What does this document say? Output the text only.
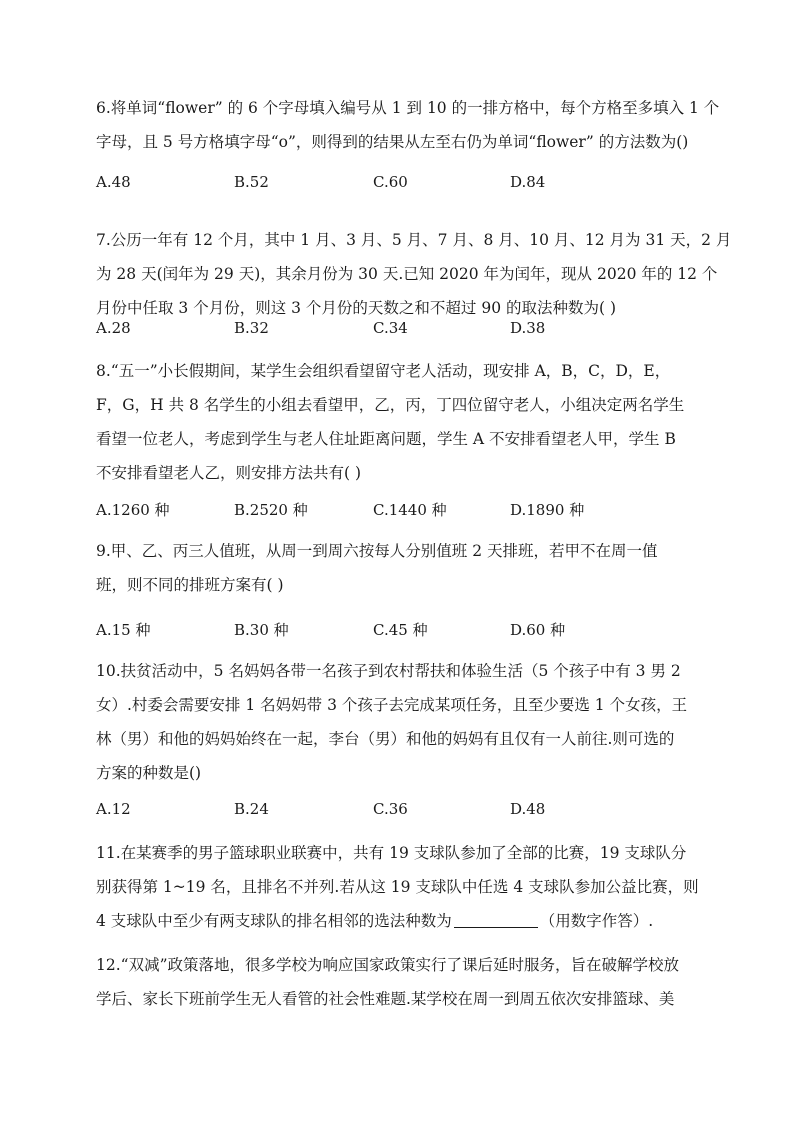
6.将单词“flower” 的 6 个字母填入编号从 1 到 10 的一排方格中，每个方格至多填入 1 个
字母，且 5 号方格填字母“o”，则得到的结果从左至右仍为单词“flower” 的方法数为()
A.48	B.52	C.60	D.84
7.公历一年有 12 个月，其中 1 月、3 月、5 月、7 月、8 月、10 月、12 月为 31 天，2 月
为 28 天(闰年为 29 天)，其余月份为 30 天.已知 2020 年为闰年，现从 2020 年的 12 个
月份中任取 3 个月份，则这 3 个月份的天数之和不超过 90 的取法种数为( )
A.28	B.32	C.34	D.38
8.“五一”小长假期间，某学生会组织看望留守老人活动，现安排 A，B，C，D，E，
F，G，H 共 8 名学生的小组去看望甲，乙，丙，丁四位留守老人，小组决定两名学生
看望一位老人，考虑到学生与老人住址距离问题，学生 A 不安排看望老人甲，学生 B
不安排看望老人乙，则安排方法共有( )
A.1260 种	B.2520 种	C.1440 种	D.1890 种
9.甲、乙、丙三人值班，从周一到周六按每人分别值班 2 天排班，若甲不在周一值
班，则不同的排班方案有( )
A.15 种	B.30 种	C.45 种	D.60 种
10.扶贫活动中，5 名妈妈各带一名孩子到农村帮扶和体验生活（5 个孩子中有 3 男 2
女）.村委会需要安排 1 名妈妈带 3 个孩子去完成某项任务，且至少要选 1 个女孩，王
林（男）和他的妈妈始终在一起，李台（男）和他的妈妈有且仅有一人前往.则可选的
方案的种数是()
A.12	B.24	C.36	D.48
11.在某赛季的男子篮球职业联赛中，共有 19 支球队参加了全部的比赛，19 支球队分
别获得第 1~19 名，且排名不并列.若从这 19 支球队中任选 4 支球队参加公益比赛，则
4 支球队中至少有两支球队的排名相邻的选法种数为	（用数字作答）.
12.“双减”政策落地，很多学校为响应国家政策实行了课后延时服务，旨在破解学校放
学后、家长下班前学生无人看管的社会性难题.某学校在周一到周五依次安排篮球、美
